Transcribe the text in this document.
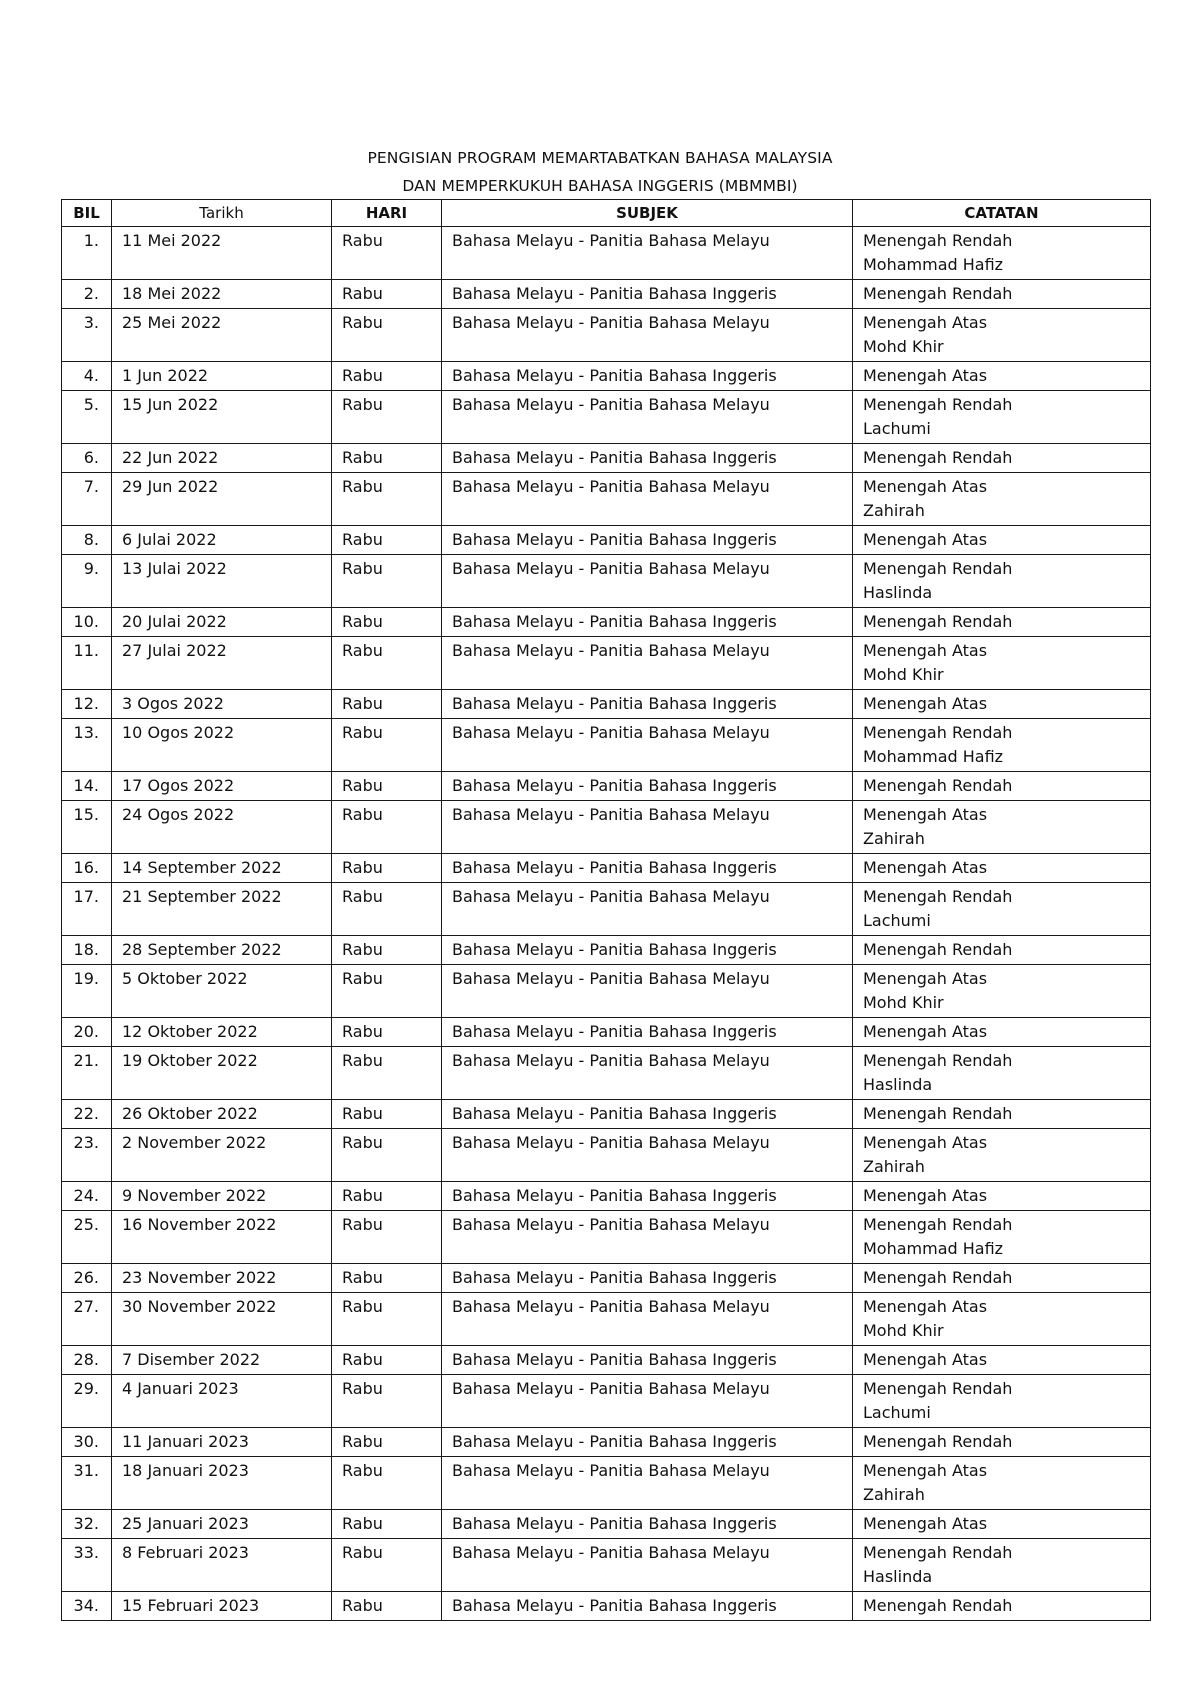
PENGISIAN PROGRAM MEMARTABATKAN BAHASA MALAYSIA
DAN MEMPERKUKUH BAHASA INGGERIS (MBMMBI)
BIL	Tarikh	HARI	SUBJEK	CATATAN
1.	11 Mei 2022	Rabu	Bahasa Melayu - Panitia Bahasa Melayu	Menengah Rendah
Mohammad Hafiz

2.	18 Mei 2022	Rabu	Bahasa Melayu - Panitia Bahasa Inggeris	Menengah Rendah

3.	25 Mei 2022	Rabu	Bahasa Melayu - Panitia Bahasa Melayu	Menengah Atas
Mohd Khir

4.	1 Jun 2022	Rabu	Bahasa Melayu - Panitia Bahasa Inggeris	Menengah Atas

5.	15 Jun 2022	Rabu	Bahasa Melayu - Panitia Bahasa Melayu	Menengah Rendah
Lachumi

6.	22 Jun 2022	Rabu	Bahasa Melayu - Panitia Bahasa Inggeris	Menengah Rendah

7.	29 Jun 2022	Rabu	Bahasa Melayu - Panitia Bahasa Melayu	Menengah Atas
Zahirah

8.	6 Julai 2022	Rabu	Bahasa Melayu - Panitia Bahasa Inggeris	Menengah Atas

9.	13 Julai 2022	Rabu	Bahasa Melayu - Panitia Bahasa Melayu	Menengah Rendah
Haslinda

10.	20 Julai 2022	Rabu	Bahasa Melayu - Panitia Bahasa Inggeris	Menengah Rendah

11.	27 Julai 2022	Rabu	Bahasa Melayu - Panitia Bahasa Melayu	Menengah Atas
Mohd Khir

12.	3 Ogos 2022	Rabu	Bahasa Melayu - Panitia Bahasa Inggeris	Menengah Atas

13.	10 Ogos 2022	Rabu	Bahasa Melayu - Panitia Bahasa Melayu	Menengah Rendah
Mohammad Hafiz

14.	17 Ogos 2022	Rabu	Bahasa Melayu - Panitia Bahasa Inggeris	Menengah Rendah

15.	24 Ogos 2022	Rabu	Bahasa Melayu - Panitia Bahasa Melayu	Menengah Atas
Zahirah

16.	14 September 2022	Rabu	Bahasa Melayu - Panitia Bahasa Inggeris	Menengah Atas

17.	21 September 2022	Rabu	Bahasa Melayu - Panitia Bahasa Melayu	Menengah Rendah
Lachumi

18.	28 September 2022	Rabu	Bahasa Melayu - Panitia Bahasa Inggeris	Menengah Rendah

19.	5 Oktober 2022	Rabu	Bahasa Melayu - Panitia Bahasa Melayu	Menengah Atas
Mohd Khir

20.	12 Oktober 2022	Rabu	Bahasa Melayu - Panitia Bahasa Inggeris	Menengah Atas

21.	19 Oktober 2022	Rabu	Bahasa Melayu - Panitia Bahasa Melayu	Menengah Rendah
Haslinda

22.	26 Oktober 2022	Rabu	Bahasa Melayu - Panitia Bahasa Inggeris	Menengah Rendah

23.	2 November 2022	Rabu	Bahasa Melayu - Panitia Bahasa Melayu	Menengah Atas
Zahirah

24.	9 November 2022	Rabu	Bahasa Melayu - Panitia Bahasa Inggeris	Menengah Atas

25.	16 November 2022	Rabu	Bahasa Melayu - Panitia Bahasa Melayu	Menengah Rendah
Mohammad Hafiz

26.	23 November 2022	Rabu	Bahasa Melayu - Panitia Bahasa Inggeris	Menengah Rendah

27.	30 November 2022	Rabu	Bahasa Melayu - Panitia Bahasa Melayu	Menengah Atas
Mohd Khir

28.	7 Disember 2022	Rabu	Bahasa Melayu - Panitia Bahasa Inggeris	Menengah Atas

29.	4 Januari 2023	Rabu	Bahasa Melayu - Panitia Bahasa Melayu	Menengah Rendah
Lachumi

30.	11 Januari 2023	Rabu	Bahasa Melayu - Panitia Bahasa Inggeris	Menengah Rendah

31.	18 Januari 2023	Rabu	Bahasa Melayu - Panitia Bahasa Melayu	Menengah Atas
Zahirah

32.	25 Januari 2023	Rabu	Bahasa Melayu - Panitia Bahasa Inggeris	Menengah Atas

33.	8 Februari 2023	Rabu	Bahasa Melayu - Panitia Bahasa Melayu	Menengah Rendah
Haslinda

34.	15 Februari 2023	Rabu	Bahasa Melayu - Panitia Bahasa Inggeris	Menengah Rendah
